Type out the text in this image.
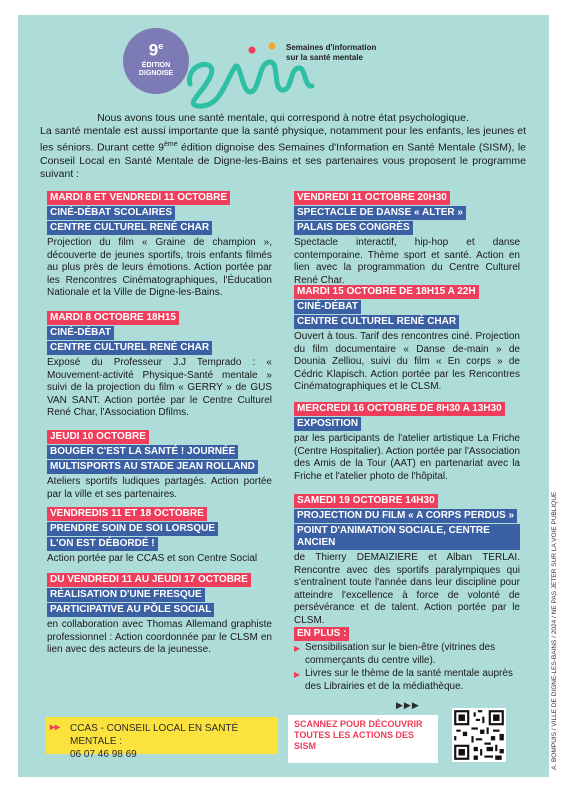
9e
ÉDITION
DIGNOISE
Semaines d'information
sur la santé mentale

Nous avons tous une santé mentale, qui correspond à notre état psychologique.

La santé mentale est aussi importante que la santé physique, notamment pour les enfants, les jeunes et les séniors. Durant cette 9ème édition dignoise des Semaines d'Information en Santé Mentale (SISM), le Conseil Local en Santé Mentale de Digne-les-Bains et ses partenaires vous proposent le programme suivant :

MARDI 8 ET VENDREDI 11 OCTOBRE
CINÉ-DÉBAT SCOLAIRES
CENTRE CULTUREL RENÉ CHAR
Projection du film « Graine de champion », découverte de jeunes sportifs, trois enfants filmés au plus près de leurs émotions. Action portée par les Rencontres Cinématographiques, l'Éducation Nationale et la Ville de Digne-les-Bains.
MARDI 8 OCTOBRE 18H15
CINÉ-DÉBAT
CENTRE CULTUREL RENÉ CHAR
Exposé du Professeur J.J Temprado : « Mouvement-activité Physique-Santé mentale » suivi de la projection du film « GERRY » de GUS VAN SANT. Action portée par le Centre Culturel René Char, l'Association Dfilms.
JEUDI 10 OCTOBRE
BOUGER C'EST LA SANTÉ ! JOURNÉE
MULTISPORTS AU STADE JEAN ROLLAND
Ateliers sportifs ludiques partagés. Action portée par la ville et ses partenaires.
VENDREDIS 11 ET 18 OCTOBRE
PRENDRE SOIN DE SOI LORSQUE
L'ON EST DÉBORDÉ !
Action portée par le CCAS et son Centre Social
DU VENDREDI 11 AU JEUDI 17 OCTOBRE
RÉALISATION D'UNE FRESQUE
PARTICIPATIVE AU PÔLE SOCIAL
en collaboration avec Thomas Allemand graphiste professionnel : Action coordonnée par le CLSM en lien avec des acteurs de la jeunesse.
VENDREDI 11 OCTOBRE 20H30
SPECTACLE DE DANSE « ALTER »
PALAIS DES CONGRÈS
Spectacle interactif, hip-hop et danse contemporaine. Thème sport et santé. Action en lien avec la programmation du Centre Culturel René Char.
MARDI 15 OCTOBRE DE 18H15 A 22H
CINÉ-DÉBAT
CENTRE CULTUREL RENÉ CHAR
Ouvert à tous. Tarif des rencontres ciné. Projection du film documentaire « Danse de-main » de Dounia Zelliou, suivi du film « En corps » de Cédric Klapisch. Action portée par les Rencontres Cinématographiques et le CLSM.
MERCREDI 16 OCTOBRE DE 8H30 A 13H30
EXPOSITION
par les participants de l'atelier artistique La Friche (Centre Hospitalier). Action portée par l'Association des Amis de la Tour (AAT) en partenariat avec la Friche et l'atelier photo de l'hôpital.
SAMEDI 19 OCTOBRE 14H30
PROJECTION DU FILM « A CORPS PERDUS »
POINT D'ANIMATION SOCIALE, CENTRE ANCIEN
de Thierry DEMAIZIERE et Alban TERLAI. Rencontre avec des sportifs paralympiques qui s'entraînent toute l'année dans leur discipline pour atteindre l'excellence à force de volonté de persévérance et de talent. Action portée par le CLSM.
EN PLUS :
▶ Sensibilisation sur le bien-être (vitrines des commerçants du centre ville).
▶ Livres sur le thème de la santé mentale auprès des Librairies et de la médiathèque.
▸▸ CCAS - CONSEIL LOCAL EN SANTÉ MENTALE :
06 07 46 98 69
▶▶▶
SCANNEZ POUR DÉCOUVRIR TOUTES LES ACTIONS DES SISM	A. BOMPUIS / VILLE DE DIGNE-LES-BAINS / 2024 / NE PAS JETER SUR LA VOIE PUBLIQUE
